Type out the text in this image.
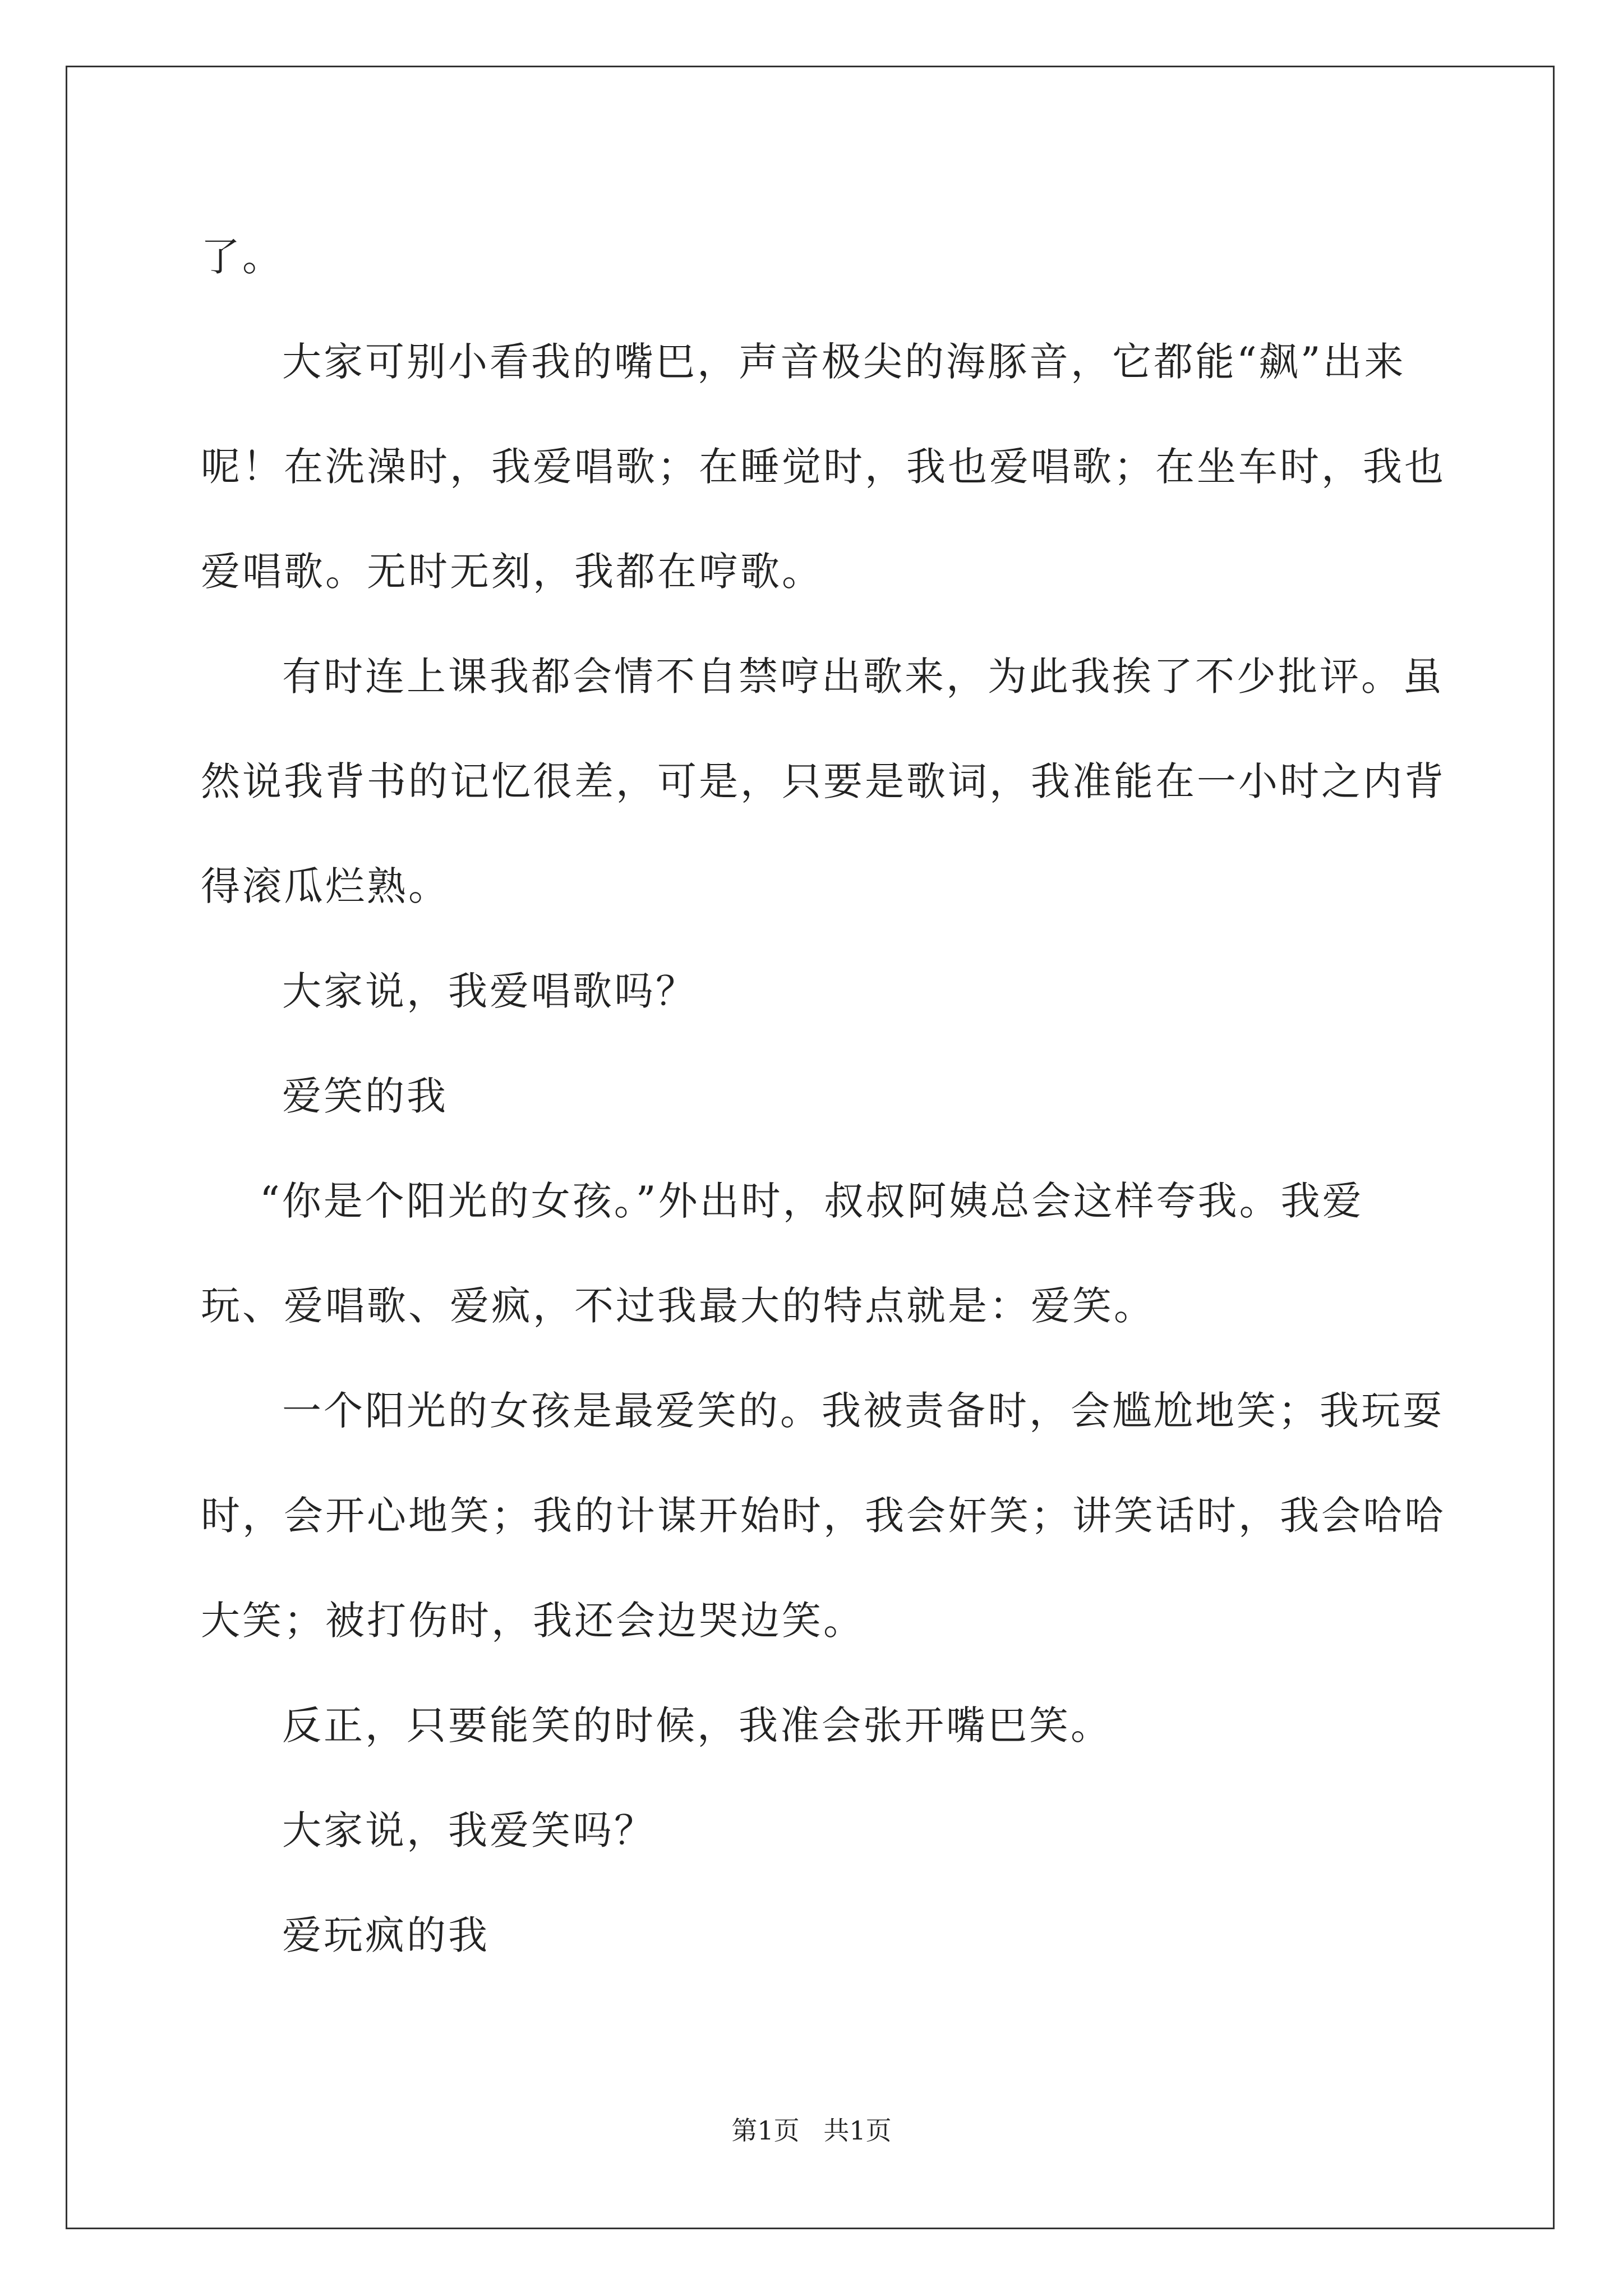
了。
大家可别小看我的嘴巴，声音极尖的海豚音，它都能“飙”出来
呢！在洗澡时，我爱唱歌；在睡觉时，我也爱唱歌；在坐车时，我也
爱唱歌。无时无刻，我都在哼歌。
有时连上课我都会情不自禁哼出歌来，为此我挨了不少批评。虽
然说我背书的记忆很差，可是，只要是歌词，我准能在一小时之内背
得滚瓜烂熟。
大家说，我爱唱歌吗？
爱笑的我
“你是个阳光的女孩。”外出时，叔叔阿姨总会这样夸我。我爱
玩、爱唱歌、爱疯，不过我最大的特点就是：爱笑。
一个阳光的女孩是最爱笑的。我被责备时，会尴尬地笑；我玩耍
时，会开心地笑；我的计谋开始时，我会奸笑；讲笑话时，我会哈哈
大笑；被打伤时，我还会边哭边笑。
反正，只要能笑的时候，我准会张开嘴巴笑。
大家说，我爱笑吗？
爱玩疯的我
第1页 共1页
